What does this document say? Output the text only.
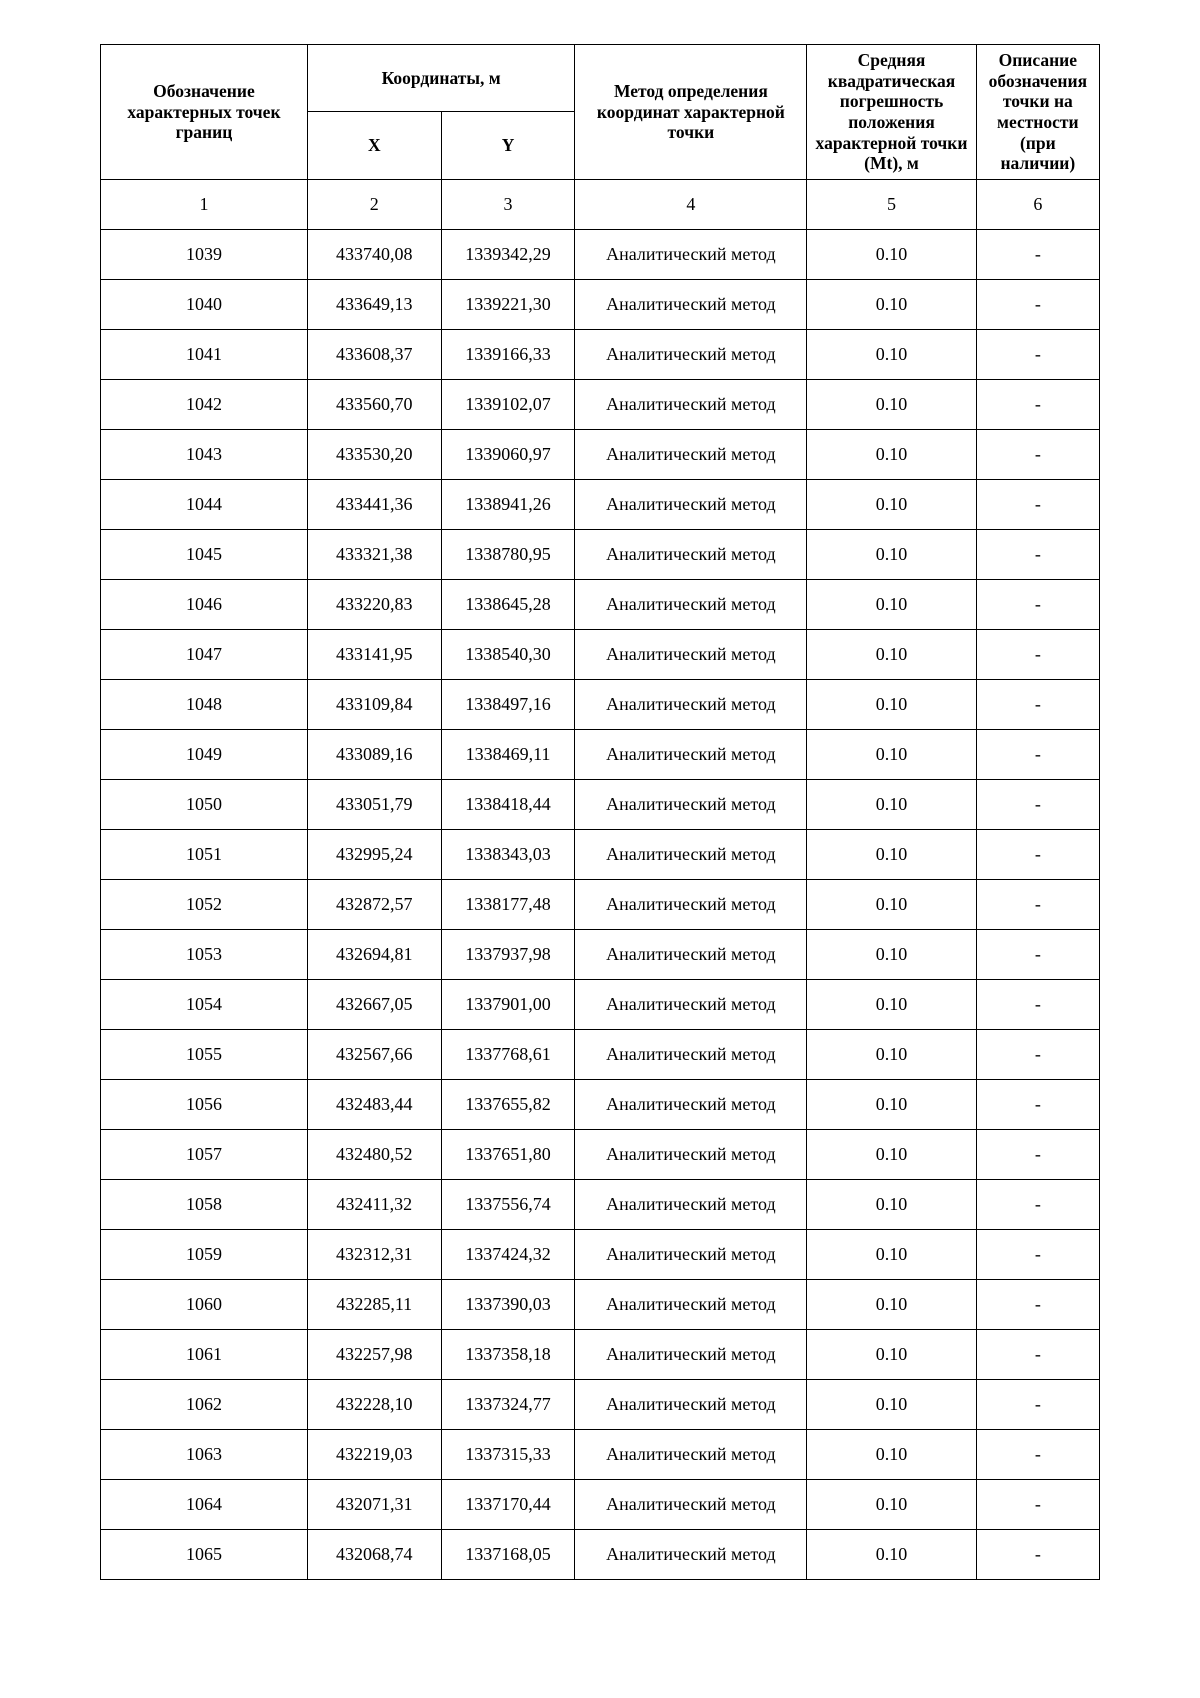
Обозначение характерных точек границ	Координаты, м		Метод определения координат характерной точки	Средняя квадратическая погрешность положения характерной точки (Mt), м	Описание обозначения точки на местности (при наличии)
	X	Y			
1	2	3	4	5	6
1039	433740,08	1339342,29	Аналитический метод	0.10	-
1040	433649,13	1339221,30	Аналитический метод	0.10	-
1041	433608,37	1339166,33	Аналитический метод	0.10	-
1042	433560,70	1339102,07	Аналитический метод	0.10	-
1043	433530,20	1339060,97	Аналитический метод	0.10	-
1044	433441,36	1338941,26	Аналитический метод	0.10	-
1045	433321,38	1338780,95	Аналитический метод	0.10	-
1046	433220,83	1338645,28	Аналитический метод	0.10	-
1047	433141,95	1338540,30	Аналитический метод	0.10	-
1048	433109,84	1338497,16	Аналитический метод	0.10	-
1049	433089,16	1338469,11	Аналитический метод	0.10	-
1050	433051,79	1338418,44	Аналитический метод	0.10	-
1051	432995,24	1338343,03	Аналитический метод	0.10	-
1052	432872,57	1338177,48	Аналитический метод	0.10	-
1053	432694,81	1337937,98	Аналитический метод	0.10	-
1054	432667,05	1337901,00	Аналитический метод	0.10	-
1055	432567,66	1337768,61	Аналитический метод	0.10	-
1056	432483,44	1337655,82	Аналитический метод	0.10	-
1057	432480,52	1337651,80	Аналитический метод	0.10	-
1058	432411,32	1337556,74	Аналитический метод	0.10	-
1059	432312,31	1337424,32	Аналитический метод	0.10	-
1060	432285,11	1337390,03	Аналитический метод	0.10	-
1061	432257,98	1337358,18	Аналитический метод	0.10	-
1062	432228,10	1337324,77	Аналитический метод	0.10	-
1063	432219,03	1337315,33	Аналитический метод	0.10	-
1064	432071,31	1337170,44	Аналитический метод	0.10	-
1065	432068,74	1337168,05	Аналитический метод	0.10	-
